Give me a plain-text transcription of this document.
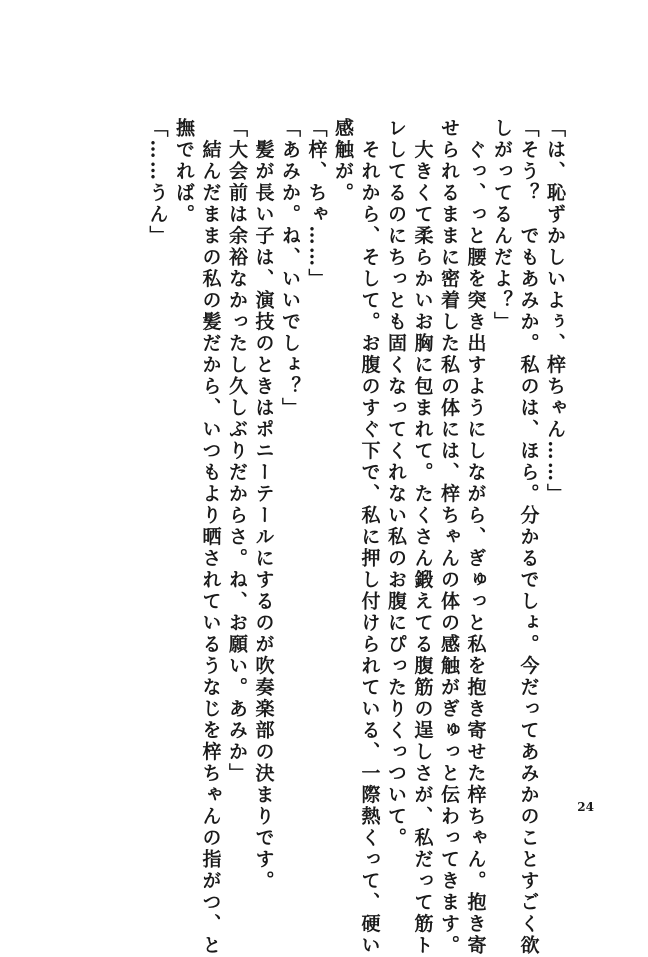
「は、恥ずかしいよぅ、梓ちゃん……」
「そう？　でもあみか。私のは、ほら。分かるでしょ。今だってあみかのことすごく欲
しがってるんだよ？」
　ぐっ、っと腰を突き出すようにしながら、ぎゅっと私を抱き寄せた梓ちゃん。抱き寄
せられるままに密着した私の体には、梓ちゃんの体の感触がぎゅっと伝わってきます。
　大きくて柔らかいお胸に包まれて。たくさん鍛えてる腹筋の逞しさが、私だって筋ト
レしてるのにちっとも固くなってくれない私のお腹にぴったりくっついて。
　それから、そして。お腹のすぐ下で、私に押し付けられている、一際熱くって、硬い
感触が。
「梓、ちゃ……」
「あみか。ね、いいでしょ？」
　髪が長い子は、演技のときはポニーテールにするのが吹奏楽部の決まりです。
「大会前は余裕なかったし久しぶりだからさ。ね、お願い。あみか」
　結んだままの私の髪だから、いつもより晒されているうなじを梓ちゃんの指がつ、と
撫でれば。
「……うん」
24
